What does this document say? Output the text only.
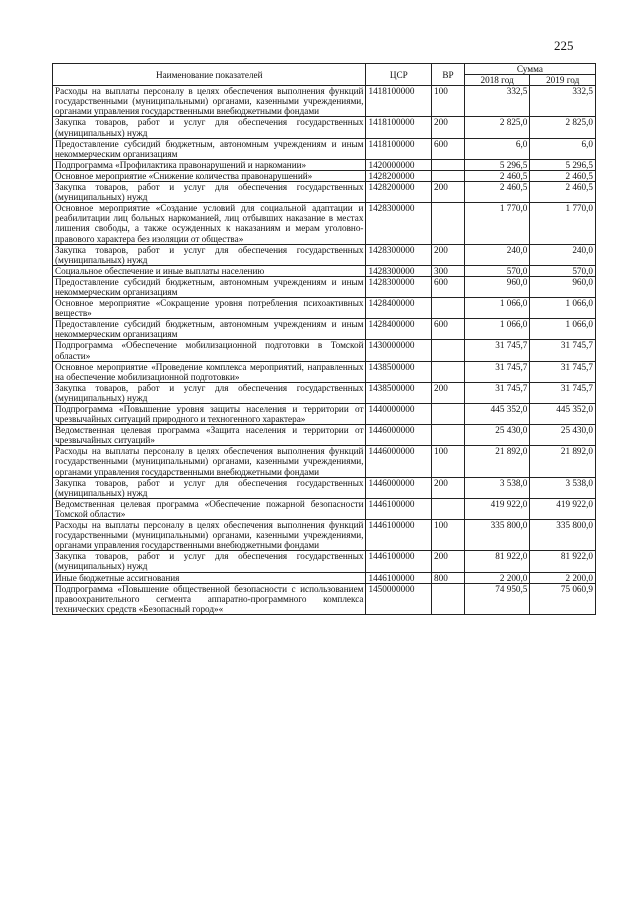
225
Наименование показателей	ЦСР	ВР	Сумма	
			2018 год	2019 год
Расходы на выплаты персоналу в целях обеспечения выполнения функций государственными (муниципальными) органами, казенными учреждениями, органами управления государственными внебюджетными фондами	1418100000	100	332,5	332,5
Закупка товаров, работ и услуг для обеспечения государственных (муниципальных) нужд	1418100000	200	2 825,0	2 825,0
Предоставление субсидий бюджетным, автономным учреждениям и иным некоммерческим организациям	1418100000	600	6,0	6,0
Подпрограмма «Профилактика правонарушений и наркомании»	1420000000		5 296,5	5 296,5
Основное мероприятие «Снижение количества правонарушений»	1428200000		2 460,5	2 460,5
Закупка товаров, работ и услуг для обеспечения государственных (муниципальных) нужд	1428200000	200	2 460,5	2 460,5
Основное мероприятие «Создание условий для социальной адаптации и реабилитации лиц больных наркоманией, лиц отбывших наказание в местах лишения свободы, а также осужденных к наказаниям и мерам уголовно-правового характера без изоляции от общества»	1428300000		1 770,0	1 770,0
Закупка товаров, работ и услуг для обеспечения государственных (муниципальных) нужд	1428300000	200	240,0	240,0
Социальное обеспечение и иные выплаты населению	1428300000	300	570,0	570,0
Предоставление субсидий бюджетным, автономным учреждениям и иным некоммерческим организациям	1428300000	600	960,0	960,0
Основное мероприятие «Сокращение уровня потребления психоактивных веществ»	1428400000		1 066,0	1 066,0
Предоставление субсидий бюджетным, автономным учреждениям и иным некоммерческим организациям	1428400000	600	1 066,0	1 066,0
Подпрограмма «Обеспечение мобилизационной подготовки в Томской области»	1430000000		31 745,7	31 745,7
Основное мероприятие «Проведение комплекса мероприятий, направленных на обеспечение мобилизационной подготовки»	1438500000		31 745,7	31 745,7
Закупка товаров, работ и услуг для обеспечения государственных (муниципальных) нужд	1438500000	200	31 745,7	31 745,7
Подпрограмма «Повышение уровня защиты населения и территории от чрезвычайных ситуаций природного и техногенного характера»	1440000000		445 352,0	445 352,0
Ведомственная целевая программа «Защита населения и территории от чрезвычайных ситуаций»	1446000000		25 430,0	25 430,0
Расходы на выплаты персоналу в целях обеспечения выполнения функций государственными (муниципальными) органами, казенными учреждениями, органами управления государственными внебюджетными фондами	1446000000	100	21 892,0	21 892,0
Закупка товаров, работ и услуг для обеспечения государственных (муниципальных) нужд	1446000000	200	3 538,0	3 538,0
Ведомственная целевая программа «Обеспечение пожарной безопасности Томской области»	1446100000		419 922,0	419 922,0
Расходы на выплаты персоналу в целях обеспечения выполнения функций государственными (муниципальными) органами, казенными учреждениями, органами управления государственными внебюджетными фондами	1446100000	100	335 800,0	335 800,0
Закупка товаров, работ и услуг для обеспечения государственных (муниципальных) нужд	1446100000	200	81 922,0	81 922,0
Иные бюджетные ассигнования	1446100000	800	2 200,0	2 200,0
Подпрограмма «Повышение общественной безопасности с использованием правоохранительного сегмента аппаратно-программного комплекса технических средств «Безопасный город»«	1450000000		74 950,5	75 060,9
